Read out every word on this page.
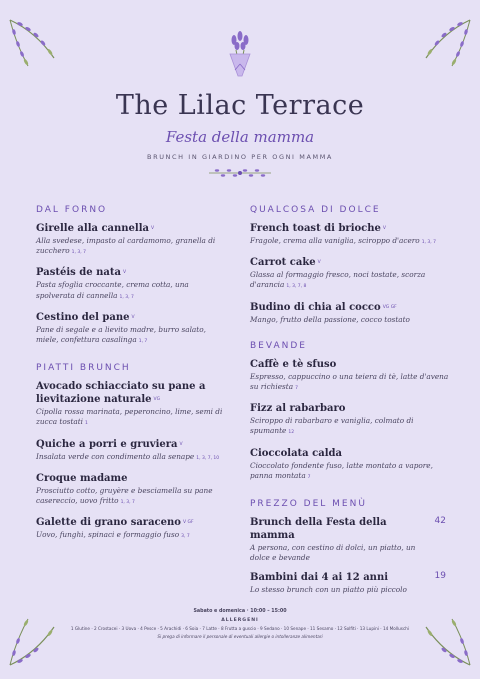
The Lilac Terrace
Festa della mamma
BRUNCH IN GIARDINO PER OGNI MAMMA
DAL FORNO
Girelle alla cannella V
Alla svedese, impasto al cardamomo, granella di zucchero 1, 3, 7
Pastéis de nata V
Pasta sfoglia croccante, crema cotta, una spolverata di cannella 1, 3, 7
Cestino del pane V
Pane di segale e a lievito madre, burro salato, miele, confettura casalinga 1, 7
PIATTI BRUNCH
Avocado schiacciato su pane a lievitazione naturale VG
Cipolla rossa marinata, peperoncino, lime, semi di zucca tostati 1
Quiche a porri e gruviera V
Insalata verde con condimento alla senape 1, 3, 7, 10
Croque madame
Prosciutto cotto, gruyère e besciamella su pane casereccio, uovo fritto 1, 3, 7
Galette di grano saraceno V GF
Uovo, funghi, spinaci e formaggio fuso 3, 7
QUALCOSA DI DOLCE
French toast di brioche V
Fragole, crema alla vaniglia, sciroppo d'acero 1, 3, 7
Carrot cake V
Glassa al formaggio fresco, noci tostate, scorza d'arancia 1, 3, 7, 8
Budino di chia al cocco VG GF
Mango, frutto della passione, cocco tostato
BEVANDE
Caffè e tè sfuso
Espresso, cappuccino o una teiera di tè, latte d'avena su richiesta 7
Fizz al rabarbaro
Sciroppo di rabarbaro e vaniglia, colmato di spumante 12
Cioccolata calda
Cioccolato fondente fuso, latte montato a vapore, panna montata 7
PREZZO DEL MENÙ
Brunch della Festa della mamma
42
A persona, con cestino di dolci, un piatto, un dolce e bevande
Bambini dai 4 ai 12 anni	19
Lo stesso brunch con un piatto più piccolo
Sabato e domenica · 10:00 – 15:00
ALLERGENI
1 Glutine · 2 Crostacei · 3 Uova · 4 Pesce · 5 Arachidi · 6 Soia · 7 Latte · 8 Frutta a guscio · 9 Sedano · 10 Senape · 11 Sesamo · 12 Solfiti · 13 Lupini · 14 Molluschi
Si prega di informare il personale di eventuali allergie o intolleranze alimentari
